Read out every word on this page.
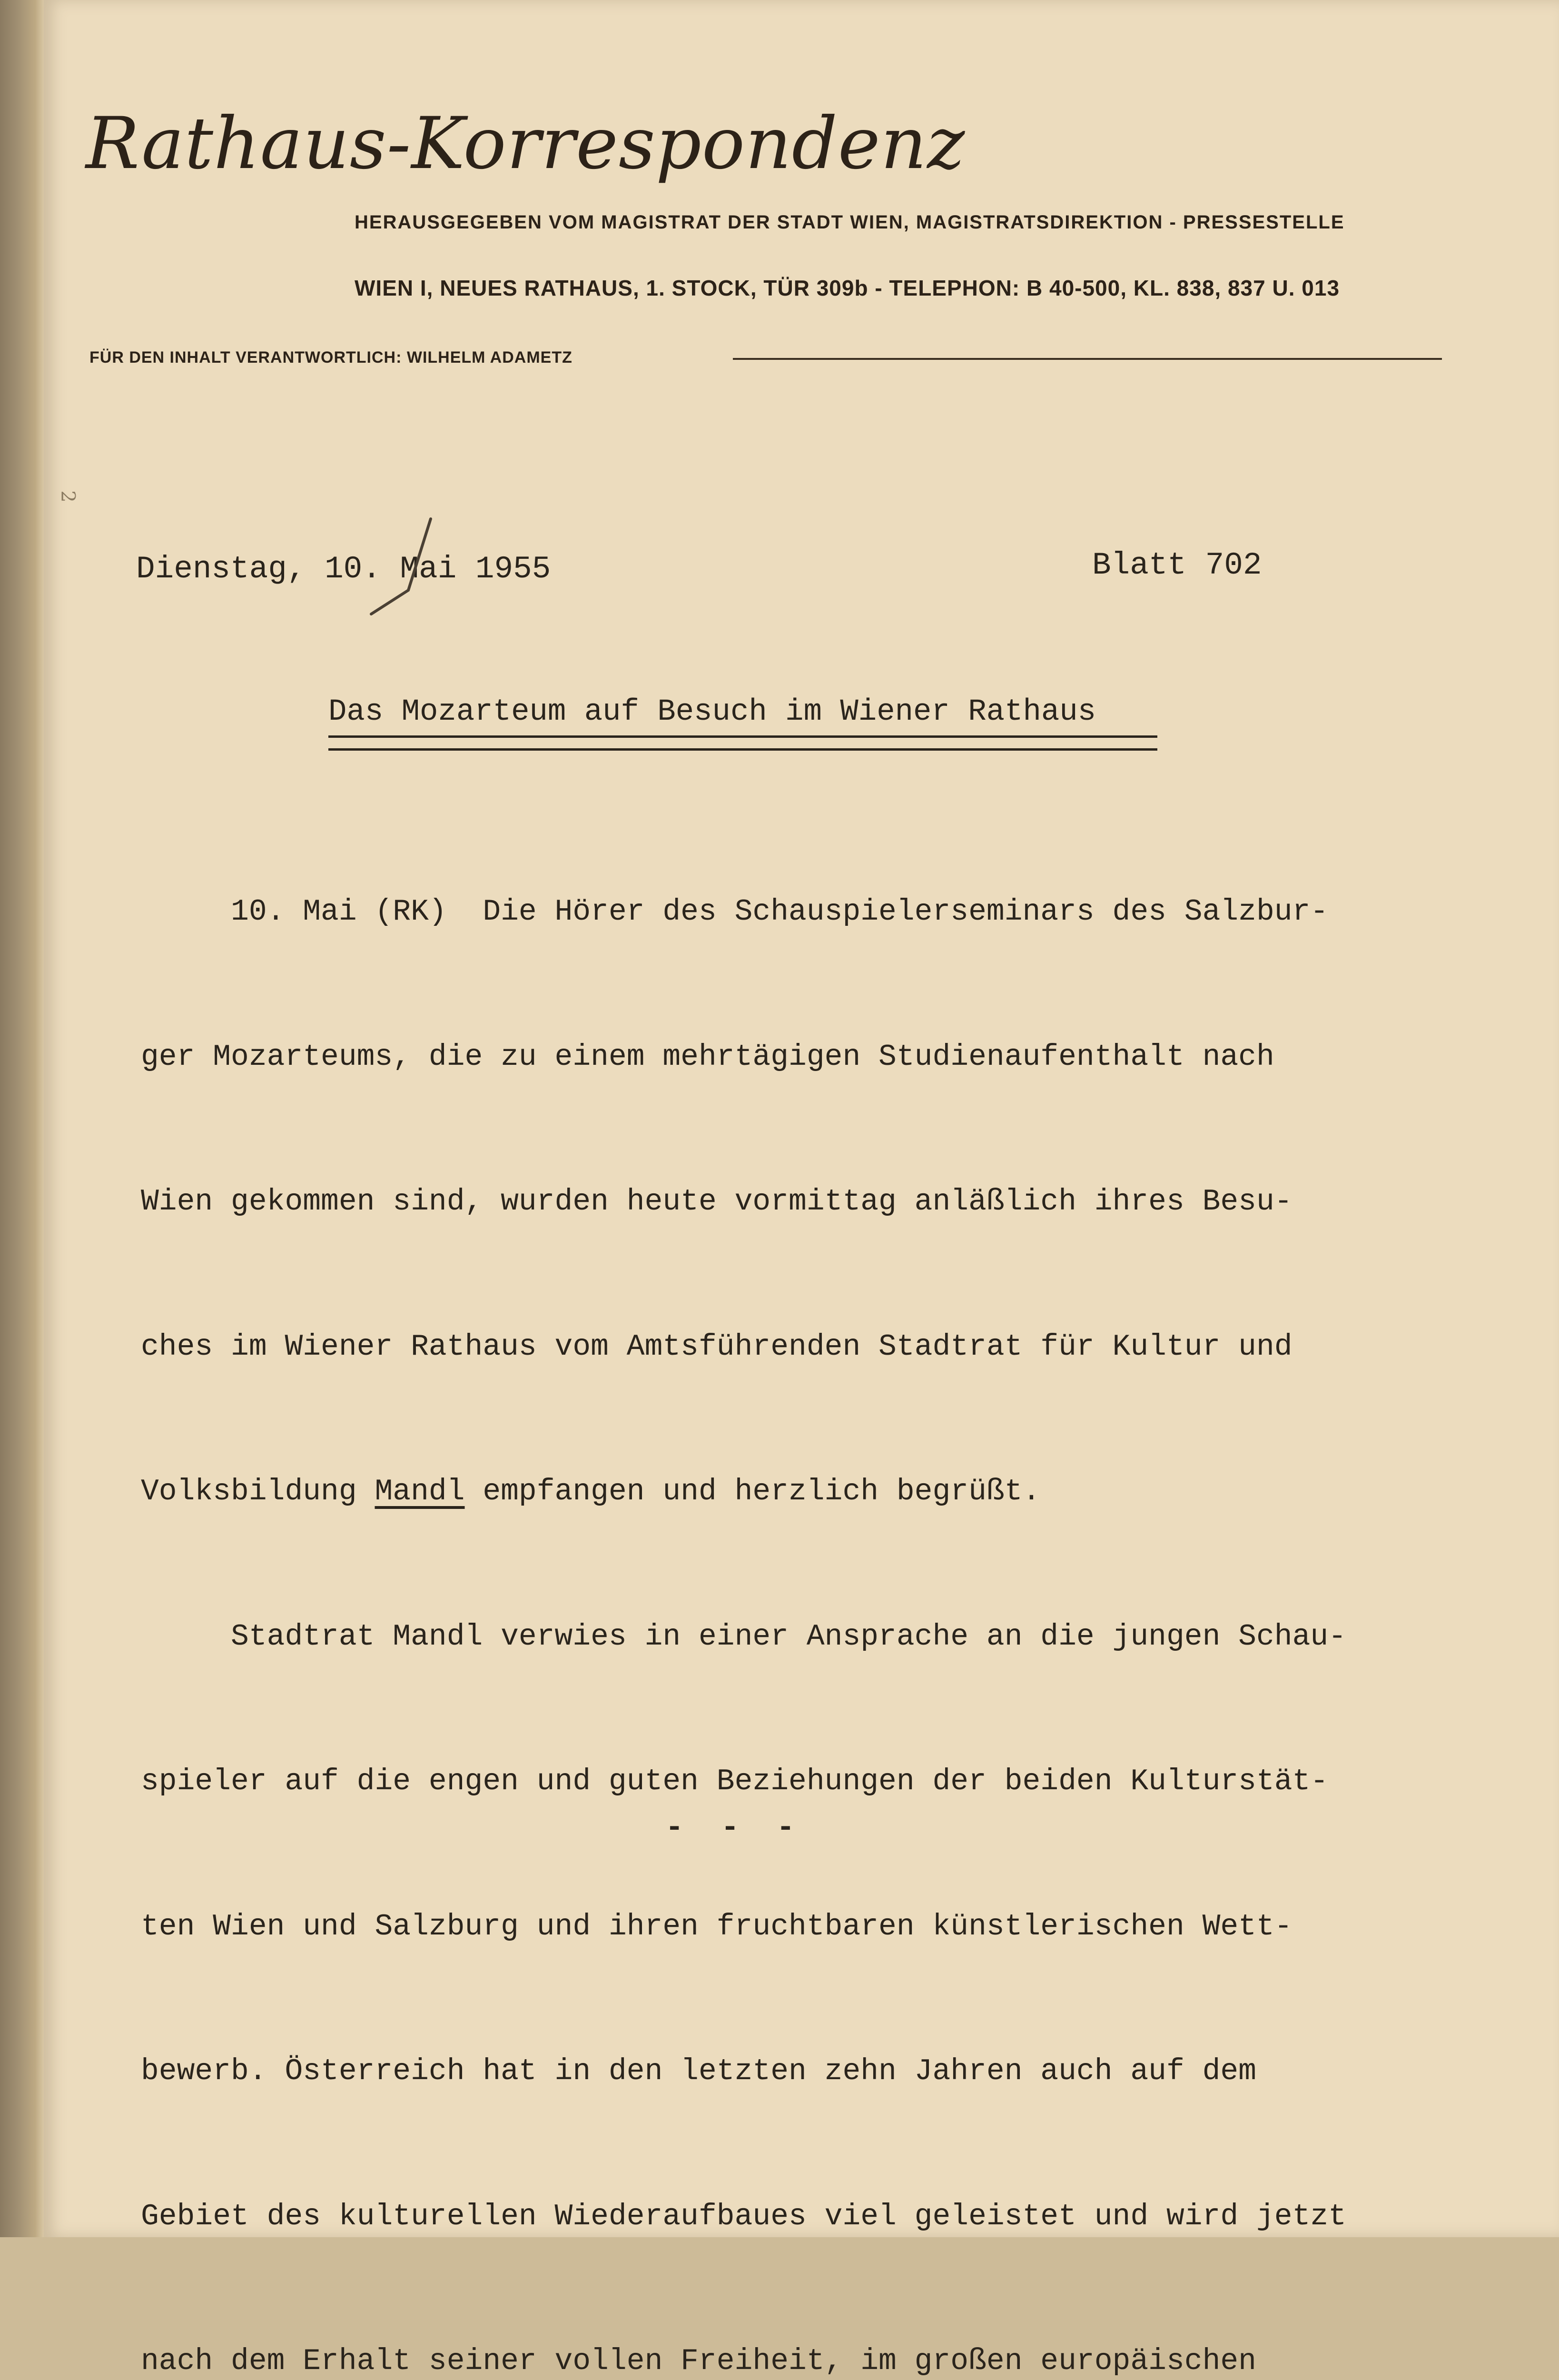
Rathaus-Korrespondenz
HERAUSGEGEBEN VOM MAGISTRAT DER STADT WIEN, MAGISTRATSDIREKTION - PRESSESTELLE
WIEN I, NEUES RATHAUS, 1. STOCK, TÜR 309b - TELEPHON: B 40-500, KL. 838, 837 U. 013
FÜR DEN INHALT VERANTWORTLICH: WILHELM ADAMETZ
2
Dienstag, 10. Mai 1955	Blatt 702
Das Mozarteum auf Besuch im Wiener Rathaus

10. Mai (RK)  Die Hörer des Schauspielerseminars des Salzbur-

ger Mozarteums, die zu einem mehrtägigen Studienaufenthalt nach

Wien gekommen sind, wurden heute vormittag anläßlich ihres Besu-

ches im Wiener Rathaus vom Amtsführenden Stadtrat für Kultur und

Volksbildung Mandl empfangen und herzlich begrüßt.

Stadtrat Mandl verwies in einer Ansprache an die jungen Schau-

spieler auf die engen und guten Beziehungen der beiden Kulturstät-

ten Wien und Salzburg und ihren fruchtbaren künstlerischen Wett-

bewerb. Österreich hat in den letzten zehn Jahren auch auf dem

Gebiet des kulturellen Wiederaufbaues viel geleistet und wird jetzt

nach dem Erhalt seiner vollen Freiheit, im großen europäischen

- - -
